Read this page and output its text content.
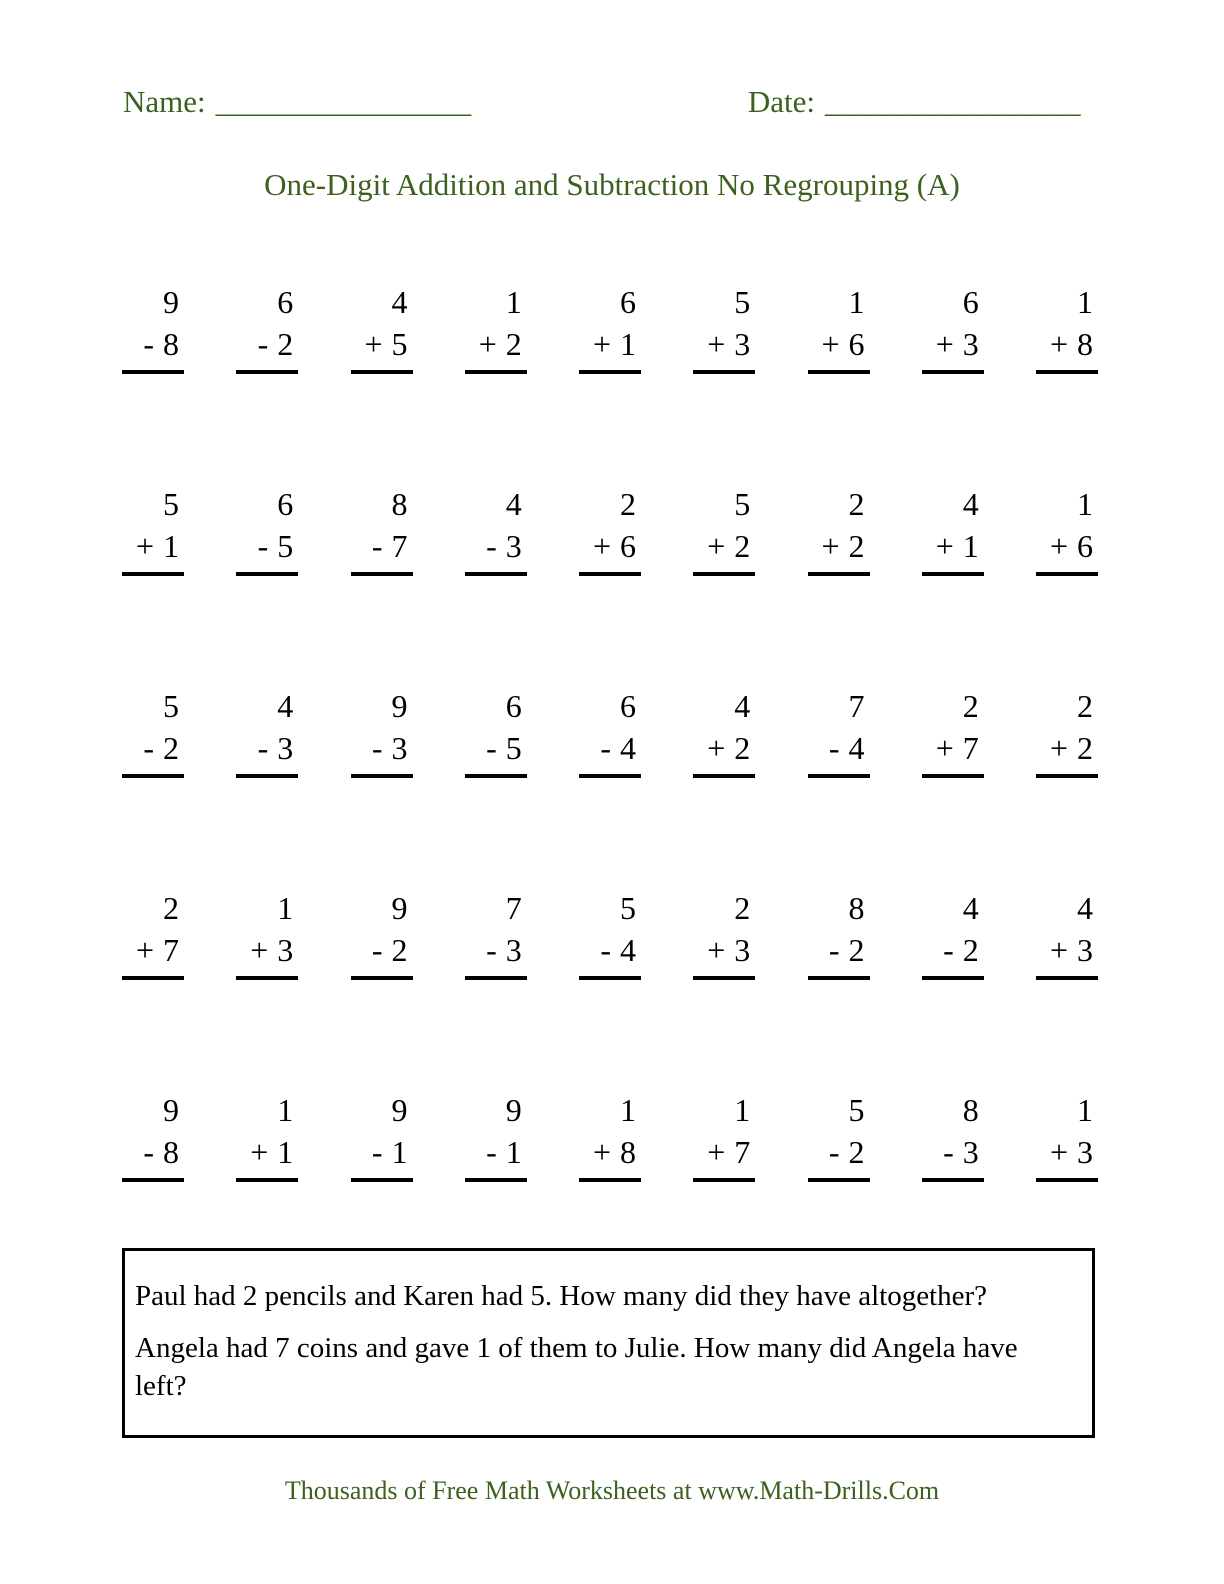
Name: ________________	Date: ________________
One-Digit Addition and Subtraction No Regrouping (A)
9
- 8
6
- 2
4
+ 5
1
+ 2
6
+ 1
5
+ 3
1
+ 6
6
+ 3
1
+ 8
5
+ 1
6
- 5
8
- 7
4
- 3
2
+ 6
5
+ 2
2
+ 2
4
+ 1
1
+ 6
5
- 2
4
- 3
9
- 3
6
- 5
6
- 4
4
+ 2
7
- 4
2
+ 7
2
+ 2
2
+ 7
1
+ 3
9
- 2
7
- 3
5
- 4
2
+ 3
8
- 2
4
- 2
4
+ 3
9
- 8
1
+ 1
9
- 1
9
- 1
1
+ 8
1
+ 7
5
- 2
8
- 3
1
+ 3

Paul had 2 pencils and Karen had 5. How many did they have altogether?

Angela had 7 coins and gave 1 of them to Julie. How many did Angela have left?

Thousands of Free Math Worksheets at www.Math-Drills.Com
